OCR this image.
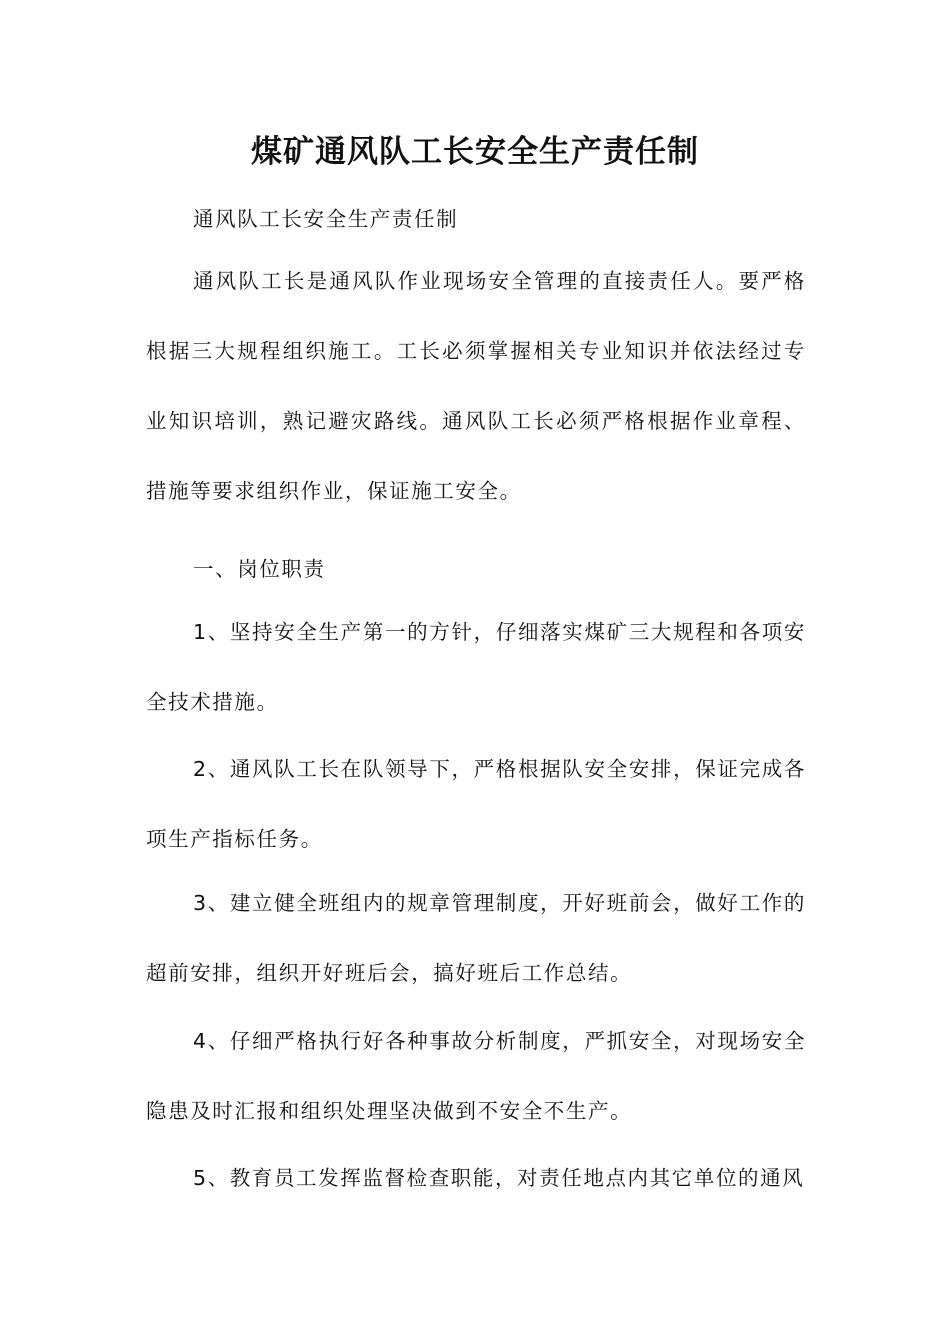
煤矿通风队工长安全生产责任制

通风队工长安全生产责任制

通风队工长是通风队作业现场安全管理的直接责任人。要严格根据三大规程组织施工。工长必须掌握相关专业知识并依法经过专业知识培训，熟记避灾路线。通风队工长必须严格根据作业章程、措施等要求组织作业，保证施工安全。

一、岗位职责

1、坚持安全生产第一的方针，仔细落实煤矿三大规程和各项安全技术措施。

2、通风队工长在队领导下，严格根据队安全安排，保证完成各项生产指标任务。

3、建立健全班组内的规章管理制度，开好班前会，做好工作的超前安排，组织开好班后会，搞好班后工作总结。

4、仔细严格执行好各种事故分析制度，严抓安全，对现场安全隐患及时汇报和组织处理坚决做到不安全不生产。

5、教育员工发挥监督检查职能，对责任地点内其它单位的通风
